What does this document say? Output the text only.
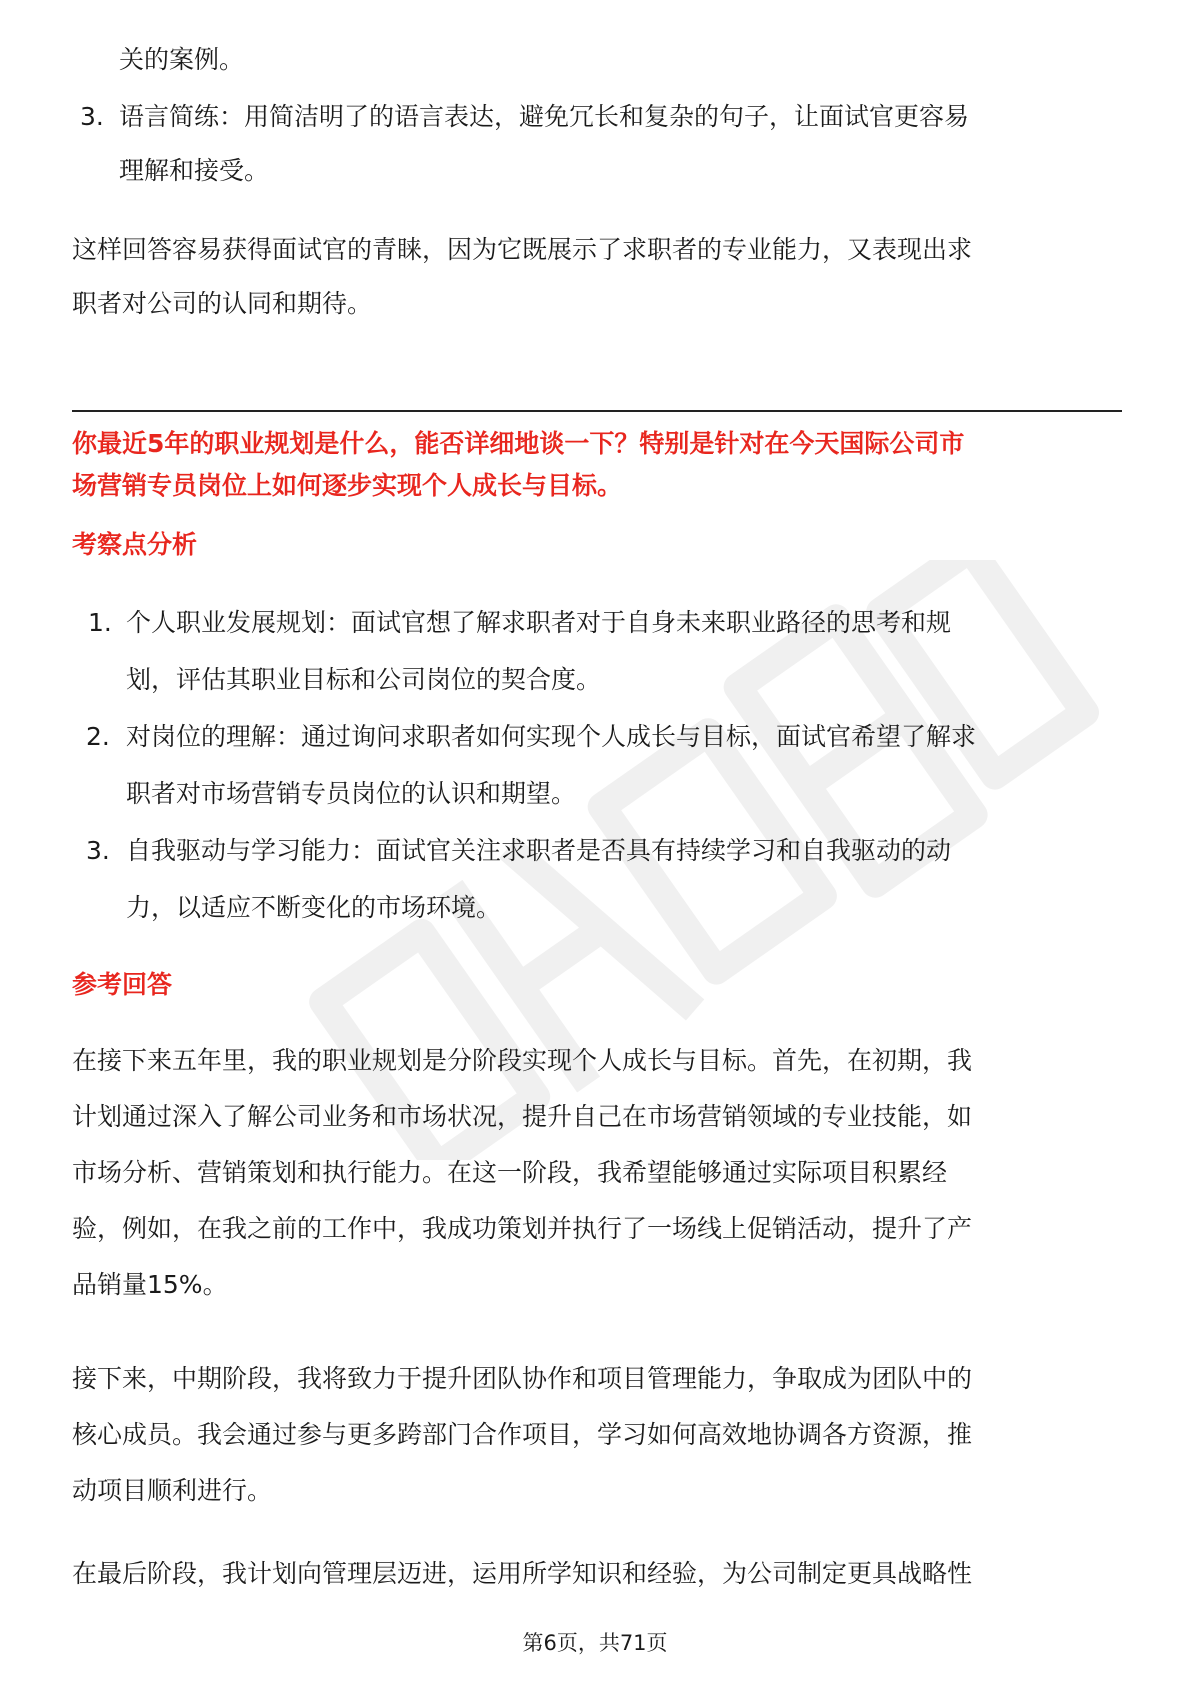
关的案例。
3. 语言简练：用简洁明了的语言表达，避免冗长和复杂的句子，让面试官更容易
理解和接受。
这样回答容易获得面试官的青睐，因为它既展示了求职者的专业能力，又表现出求
职者对公司的认同和期待。
你最近5年的职业规划是什么，能否详细地谈一下？特别是针对在今天国际公司市
场营销专员岗位上如何逐步实现个人成长与目标。
考察点分析
1. 个人职业发展规划：面试官想了解求职者对于自身未来职业路径的思考和规
划，评估其职业目标和公司岗位的契合度。
2. 对岗位的理解：通过询问求职者如何实现个人成长与目标，面试官希望了解求
职者对市场营销专员岗位的认识和期望。
3. 自我驱动与学习能力：面试官关注求职者是否具有持续学习和自我驱动的动
力，以适应不断变化的市场环境。
参考回答
在接下来五年里，我的职业规划是分阶段实现个人成长与目标。首先，在初期，我
计划通过深入了解公司业务和市场状况，提升自己在市场营销领域的专业技能，如
市场分析、营销策划和执行能力。在这一阶段，我希望能够通过实际项目积累经
验，例如，在我之前的工作中，我成功策划并执行了一场线上促销活动，提升了产
品销量15%。
接下来，中期阶段，我将致力于提升团队协作和项目管理能力，争取成为团队中的
核心成员。我会通过参与更多跨部门合作项目，学习如何高效地协调各方资源，推
动项目顺利进行。
在最后阶段，我计划向管理层迈进，运用所学知识和经验，为公司制定更具战略性
第6页，共71页
